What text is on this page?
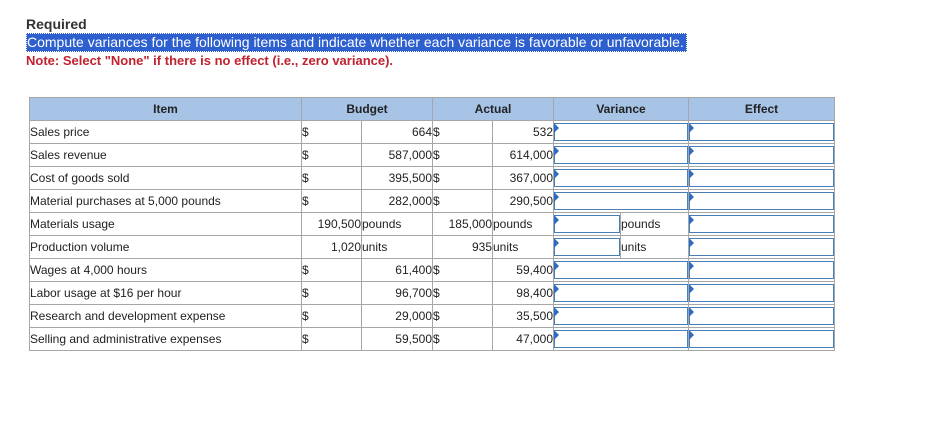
Required
Compute variances for the following items and indicate whether each variance is favorable or unfavorable.
Note: Select "None" if there is no effect (i.e., zero variance).
Item	Budget		Actual		Variance		Effect
Sales price	$	664	$	532		

Sales revenue	$	587,000	$	614,000		

Cost of goods sold	$	395,500	$	367,000		

Material purchases at 5,000 pounds	$	282,000	$	290,500		

Materials usage	190,500	pounds	185,000	pounds		pounds	

Production volume	1,020	units	935	units		units	

Wages at 4,000 hours	$	61,400	$	59,400		

Labor usage at $16 per hour	$	96,700	$	98,400		

Research and development expense	$	29,000	$	35,500		

Selling and administrative expenses	$	59,500	$	47,000		
